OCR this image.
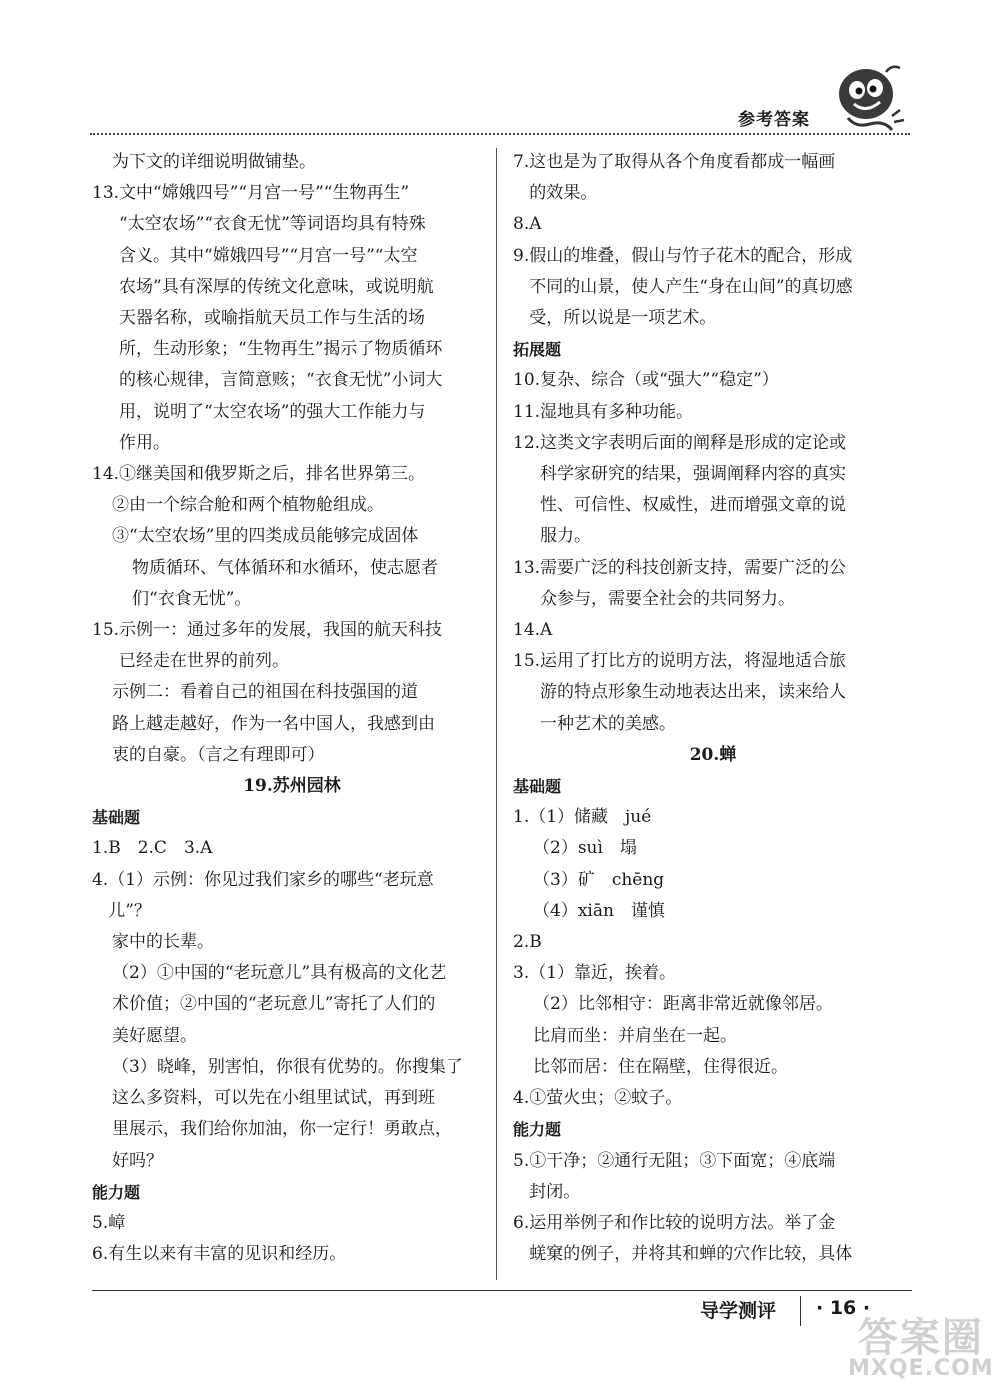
参考答案
为下文的详细说明做铺垫。
13. 文中“嫦娥四号”“月宫一号”“生物再生”
“太空农场”“衣食无忧”等词语均具有特殊
含义。其中“嫦娥四号”“月宫一号”“太空
农场”具有深厚的传统文化意味，或说明航
天器名称，或喻指航天员工作与生活的场
所，生动形象；“生物再生”揭示了物质循环
的核心规律，言简意赅；“衣食无忧”小词大
用，说明了“太空农场”的强大工作能力与
作用。
14. ①继美国和俄罗斯之后，排名世界第三。
②由一个综合舱和两个植物舱组成。
③“太空农场”里的四类成员能够完成固体
物质循环、气体循环和水循环，使志愿者
们“衣食无忧”。
15. 示例一：通过多年的发展，我国的航天科技
已经走在世界的前列。
示例二：看着自己的祖国在科技强国的道
路上越走越好，作为一名中国人，我感到由
衷的自豪。（言之有理即可）
19.苏州园林
基础题
1.B　2.C　3.A
4. （1）示例：你见过我们家乡的哪些“老玩意
儿”？
家中的长辈。
（2）①中国的“老玩意儿”具有极高的文化艺
术价值；②中国的“老玩意儿”寄托了人们的
美好愿望。
（3）晓峰，别害怕，你很有优势的。你搜集了
这么多资料，可以先在小组里试试，再到班
里展示，我们给你加油，你一定行！勇敢点，
好吗？
能力题
5.嶂
6.有生以来有丰富的见识和经历。
7. 这也是为了取得从各个角度看都成一幅画
的效果。
8.A
9. 假山的堆叠，假山与竹子花木的配合，形成
不同的山景，使人产生“身在山间”的真切感
受，所以说是一项艺术。
拓展题
10.复杂、综合（或“强大”“稳定”）
11.湿地具有多种功能。
12. 这类文字表明后面的阐释是形成的定论或
科学家研究的结果，强调阐释内容的真实
性、可信性、权威性，进而增强文章的说
服力。
13. 需要广泛的科技创新支持，需要广泛的公
众参与，需要全社会的共同努力。
14.A
15. 运用了打比方的说明方法，将湿地适合旅
游的特点形象生动地表达出来，读来给人
一种艺术的美感。
20.蝉
基础题
1.（1）储藏　jué
（2）suì　塌
（3）矿　chēng
（4）xiān　谨慎
2.B
3.（1）靠近，挨着。
（2）比邻相守：距离非常近就像邻居。
比肩而坐：并肩坐在一起。
比邻而居：住在隔壁，住得很近。
4.①萤火虫；②蚊子。
能力题
5. ①干净；②通行无阻；③下面宽；④底端
封闭。
6. 运用举例子和作比较的说明方法。举了金
蜣窠的例子，并将其和蝉的穴作比较，具体
导学测评 · 16 ·
答案圈
MXQE.COM
